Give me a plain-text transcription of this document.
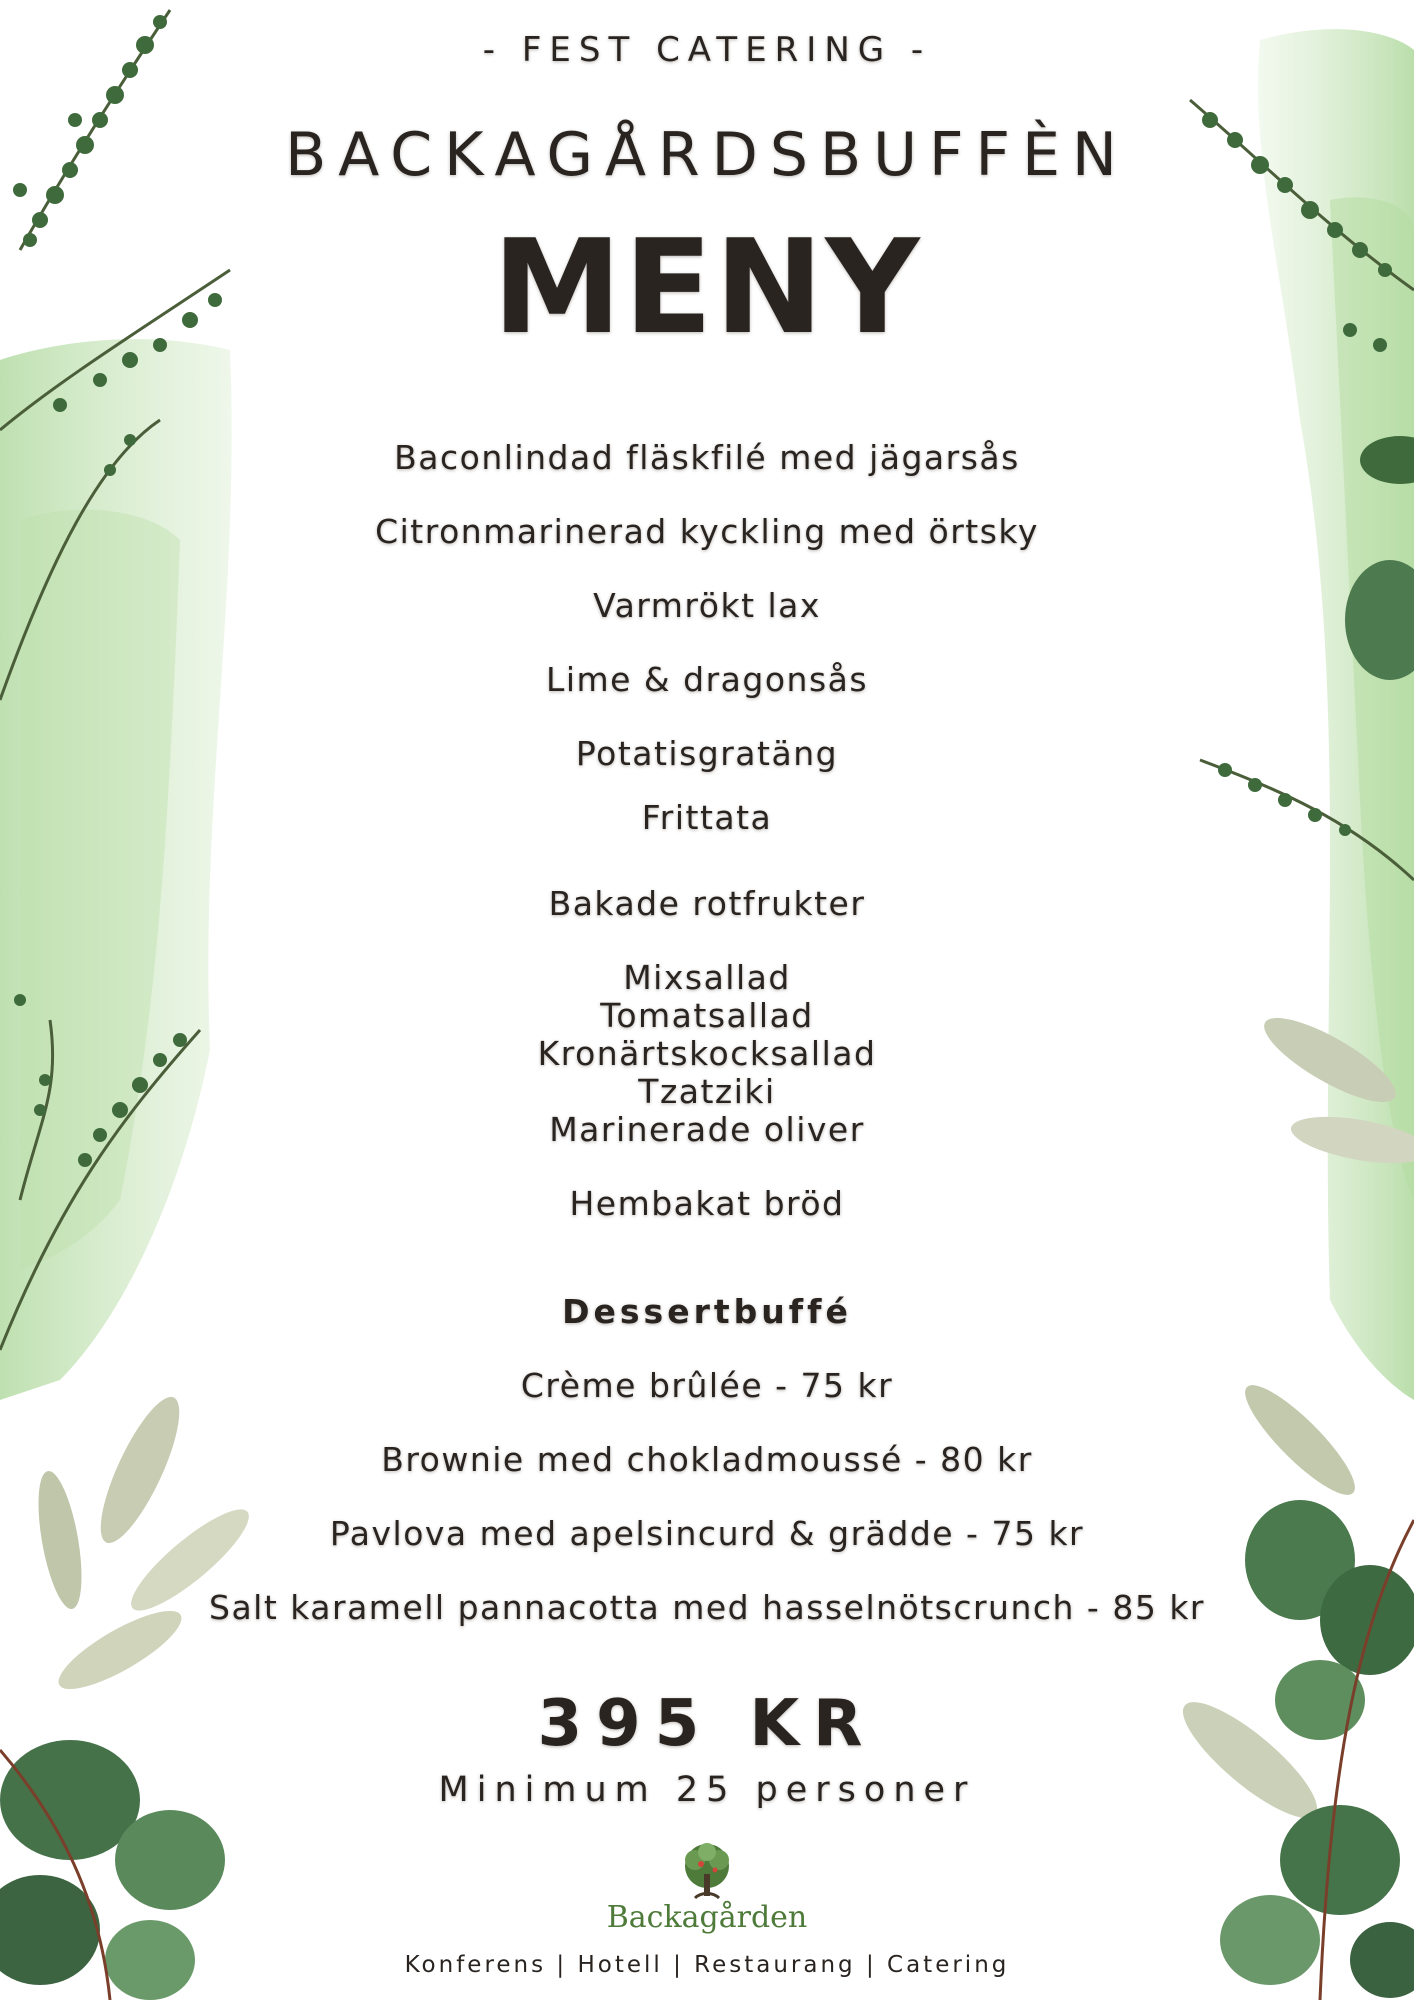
- FEST CATERING -
BACKAGÅRDSBUFFÈN
MENY
Baconlindad fläskfilé med jägarsås
Citronmarinerad kyckling med örtsky
Varmrökt lax
Lime & dragonsås
Potatisgratäng
Frittata
Bakade rotfrukter
Mixsallad
Tomatsallad
Kronärtskocksallad
Tzatziki
Marinerade oliver
Hembakat bröd
Dessertbuffé
Crème brûlée - 75 kr
Brownie med chokladmoussé - 80 kr
Pavlova med apelsincurd & grädde - 75 kr
Salt karamell pannacotta med hasselnötscrunch - 85 kr
395 KR
Minimum 25 personer
Backagården
Konferens | Hotell | Restaurang | Catering
